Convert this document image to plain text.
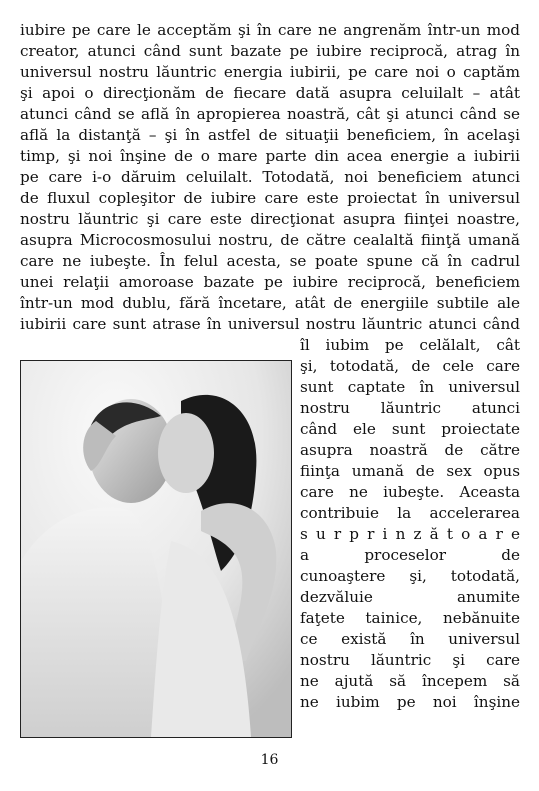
iubire pe care le acceptăm şi în care ne angrenăm într-un mod
creator, atunci când sunt bazate pe iubire reciprocă, atrag în
universul nostru lăuntric energia iubirii, pe care noi o captăm
şi apoi o direcţionăm de fiecare dată asupra celuilalt – atât
atunci când se află în apropierea noastră, cât şi atunci când se
află la distanţă – şi în astfel de situaţii beneficiem, în acelaşi
timp, şi noi înşine de o mare parte din acea energie a iubirii
pe care i-o dăruim celuilalt. Totodată, noi beneficiem atunci
de fluxul copleşitor de iubire care este proiectat în universul
nostru lăuntric şi care este direcţionat asupra fiinţei noastre,
asupra Microcosmosului nostru, de către cealaltă fiinţă umană
care ne iubeşte. În felul acesta, se poate spune că în cadrul
unei relaţii amoroase bazate pe iubire reciprocă, beneficiem
într-un mod dublu, fără încetare, atât de energiile subtile ale
iubirii care sunt atrase în universul nostru lăuntric atunci când
îl iubim pe celălalt, cât
şi, totodată, de cele care
sunt captate în universul
nostru lăuntric atunci
când ele sunt proiectate
asupra noastră de către
fiinţa umană de sex opus
care ne iubeşte. Aceasta
contribuie la accelerarea
s u r p r i n z ă t o a r e
a proceselor de
cunoaştere şi, totodată,
dezvăluie anumite
faţete tainice, nebănuite
ce există în universul
nostru lăuntric şi care
ne ajută să începem să
ne iubim pe noi înşine
16
